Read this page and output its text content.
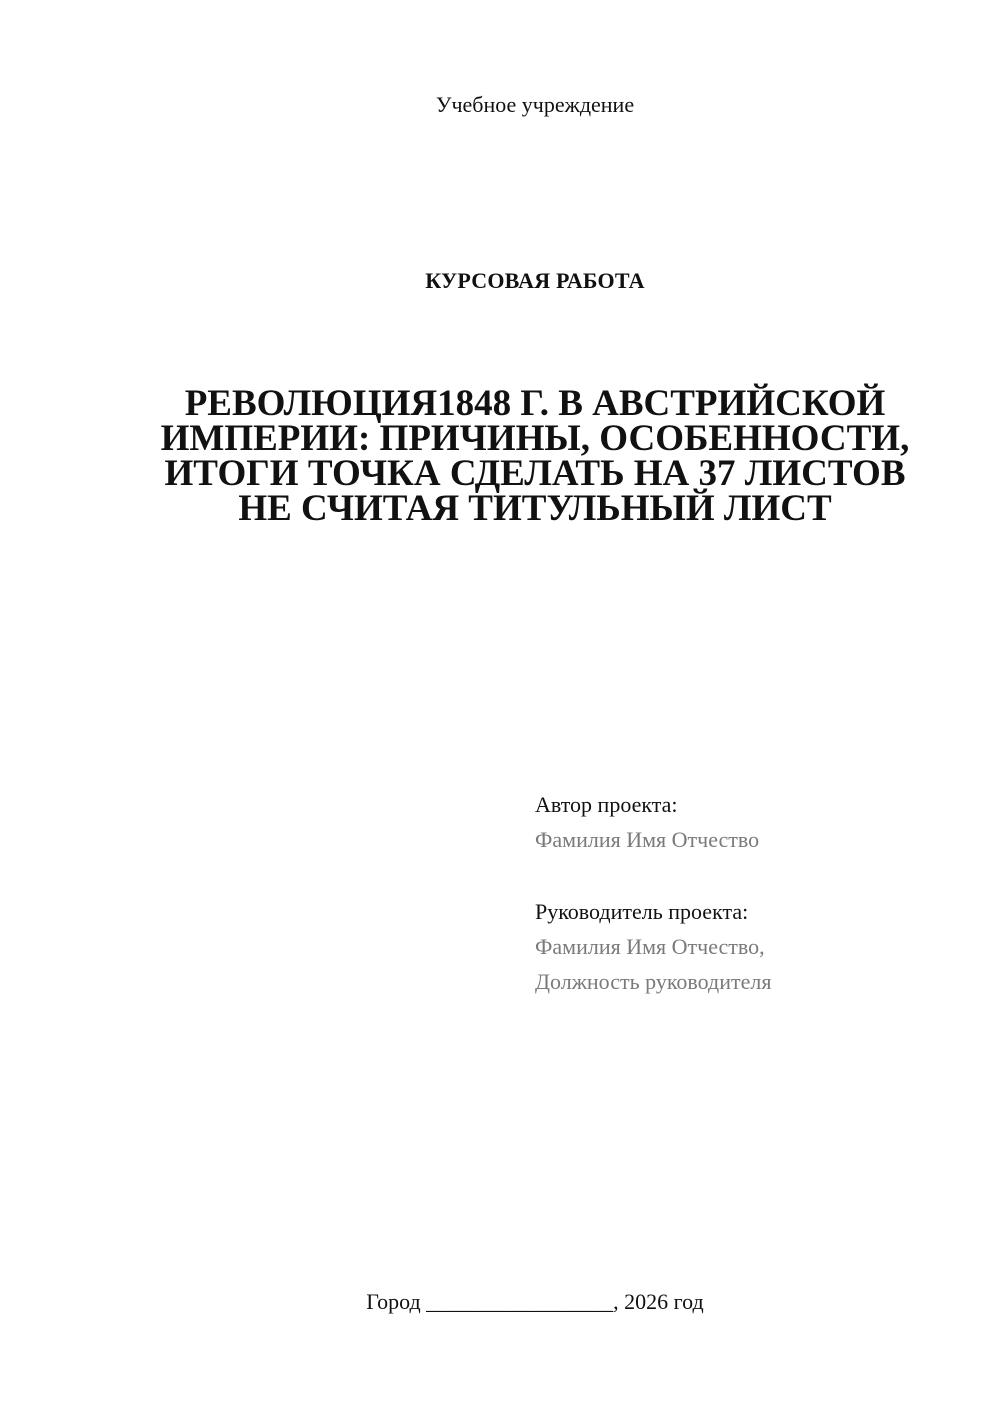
Учебное учреждение
КУРСОВАЯ РАБОТА
РЕВОЛЮЦИЯ1848 Г. В АВСТРИЙСКОЙ ИМПЕРИИ: ПРИЧИНЫ, ОСОБЕННОСТИ, ИТОГИ ТОЧКА СДЕЛАТЬ НА 37 ЛИСТОВ НЕ СЧИТАЯ ТИТУЛЬНЫЙ ЛИСТ
Автор проекта:
Фамилия Имя Отчество
Руководитель проекта:
Фамилия Имя Отчество,
Должность руководителя
Город _________________, 2026 год
